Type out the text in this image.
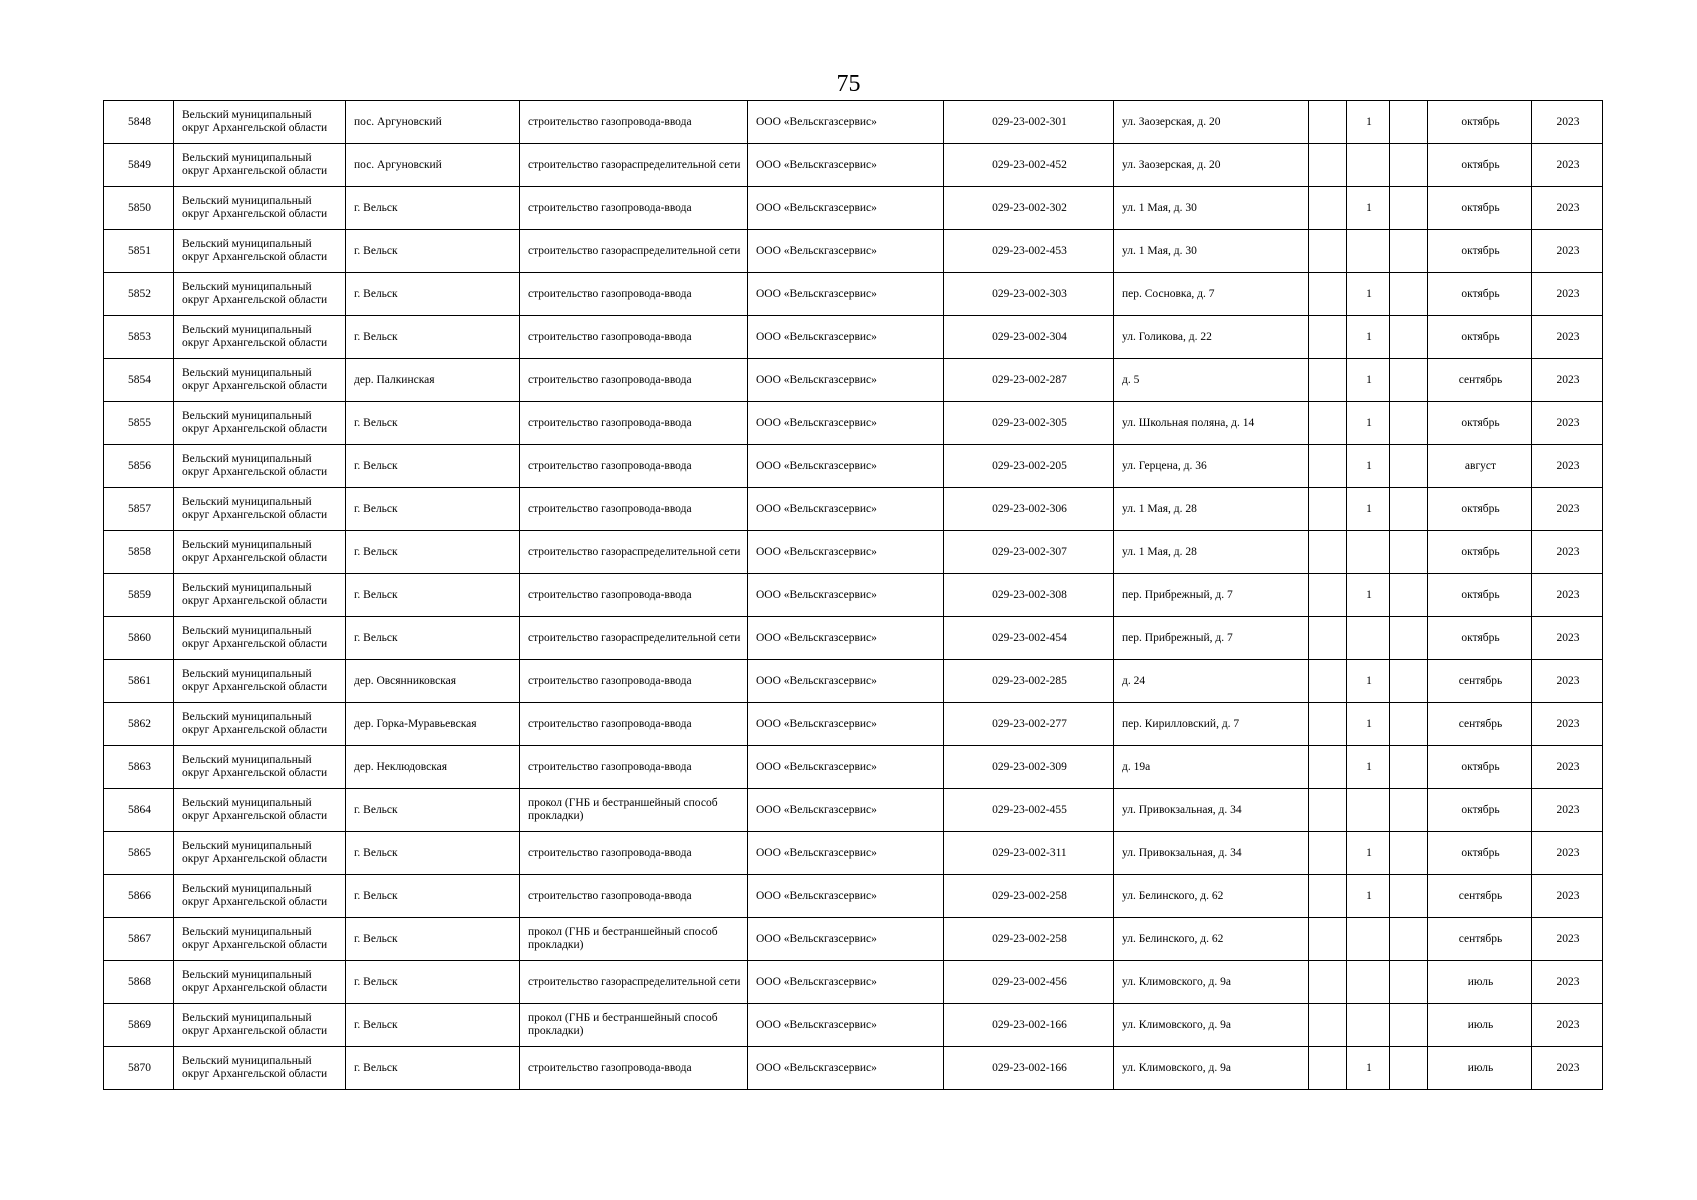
75
5848	Вельский муниципальный округ Архангельской области	пос. Аргуновский	строительство газопровода-ввода	ООО «Вельскгазсервис»	029-23-002-301	ул. Заозерская, д. 20		1		октябрь	2023
5849	Вельский муниципальный округ Архангельской области	пос. Аргуновский	строительство газораспределительной сети	ООО «Вельскгазсервис»	029-23-002-452	ул. Заозерская, д. 20				октябрь	2023
5850	Вельский муниципальный округ Архангельской области	г. Вельск	строительство газопровода-ввода	ООО «Вельскгазсервис»	029-23-002-302	ул. 1 Мая, д. 30		1		октябрь	2023
5851	Вельский муниципальный округ Архангельской области	г. Вельск	строительство газораспределительной сети	ООО «Вельскгазсервис»	029-23-002-453	ул. 1 Мая, д. 30				октябрь	2023
5852	Вельский муниципальный округ Архангельской области	г. Вельск	строительство газопровода-ввода	ООО «Вельскгазсервис»	029-23-002-303	пер. Сосновка, д. 7		1		октябрь	2023
5853	Вельский муниципальный округ Архангельской области	г. Вельск	строительство газопровода-ввода	ООО «Вельскгазсервис»	029-23-002-304	ул. Голикова, д. 22		1		октябрь	2023
5854	Вельский муниципальный округ Архангельской области	дер. Палкинская	строительство газопровода-ввода	ООО «Вельскгазсервис»	029-23-002-287	д. 5		1		сентябрь	2023
5855	Вельский муниципальный округ Архангельской области	г. Вельск	строительство газопровода-ввода	ООО «Вельскгазсервис»	029-23-002-305	ул. Школьная поляна, д. 14		1		октябрь	2023
5856	Вельский муниципальный округ Архангельской области	г. Вельск	строительство газопровода-ввода	ООО «Вельскгазсервис»	029-23-002-205	ул. Герцена, д. 36		1		август	2023
5857	Вельский муниципальный округ Архангельской области	г. Вельск	строительство газопровода-ввода	ООО «Вельскгазсервис»	029-23-002-306	ул. 1 Мая, д. 28		1		октябрь	2023
5858	Вельский муниципальный округ Архангельской области	г. Вельск	строительство газораспределительной сети	ООО «Вельскгазсервис»	029-23-002-307	ул. 1 Мая, д. 28				октябрь	2023
5859	Вельский муниципальный округ Архангельской области	г. Вельск	строительство газопровода-ввода	ООО «Вельскгазсервис»	029-23-002-308	пер. Прибрежный, д. 7		1		октябрь	2023
5860	Вельский муниципальный округ Архангельской области	г. Вельск	строительство газораспределительной сети	ООО «Вельскгазсервис»	029-23-002-454	пер. Прибрежный, д. 7				октябрь	2023
5861	Вельский муниципальный округ Архангельской области	дер. Овсянниковская	строительство газопровода-ввода	ООО «Вельскгазсервис»	029-23-002-285	д. 24		1		сентябрь	2023
5862	Вельский муниципальный округ Архангельской области	дер. Горка-Муравьевская	строительство газопровода-ввода	ООО «Вельскгазсервис»	029-23-002-277	пер. Кирилловский, д. 7		1		сентябрь	2023
5863	Вельский муниципальный округ Архангельской области	дер. Неклюдовская	строительство газопровода-ввода	ООО «Вельскгазсервис»	029-23-002-309	д. 19а		1		октябрь	2023
5864	Вельский муниципальный округ Архангельской области	г. Вельск	прокол (ГНБ и бестраншейный способ прокладки)	ООО «Вельскгазсервис»	029-23-002-455	ул. Привокзальная, д. 34				октябрь	2023
5865	Вельский муниципальный округ Архангельской области	г. Вельск	строительство газопровода-ввода	ООО «Вельскгазсервис»	029-23-002-311	ул. Привокзальная, д. 34		1		октябрь	2023
5866	Вельский муниципальный округ Архангельской области	г. Вельск	строительство газопровода-ввода	ООО «Вельскгазсервис»	029-23-002-258	ул. Белинского, д. 62		1		сентябрь	2023
5867	Вельский муниципальный округ Архангельской области	г. Вельск	прокол (ГНБ и бестраншейный способ прокладки)	ООО «Вельскгазсервис»	029-23-002-258	ул. Белинского, д. 62				сентябрь	2023
5868	Вельский муниципальный округ Архангельской области	г. Вельск	строительство газораспределительной сети	ООО «Вельскгазсервис»	029-23-002-456	ул. Климовского, д. 9а				июль	2023
5869	Вельский муниципальный округ Архангельской области	г. Вельск	прокол (ГНБ и бестраншейный способ прокладки)	ООО «Вельскгазсервис»	029-23-002-166	ул. Климовского, д. 9а				июль	2023
5870	Вельский муниципальный округ Архангельской области	г. Вельск	строительство газопровода-ввода	ООО «Вельскгазсервис»	029-23-002-166	ул. Климовского, д. 9а		1		июль	2023
